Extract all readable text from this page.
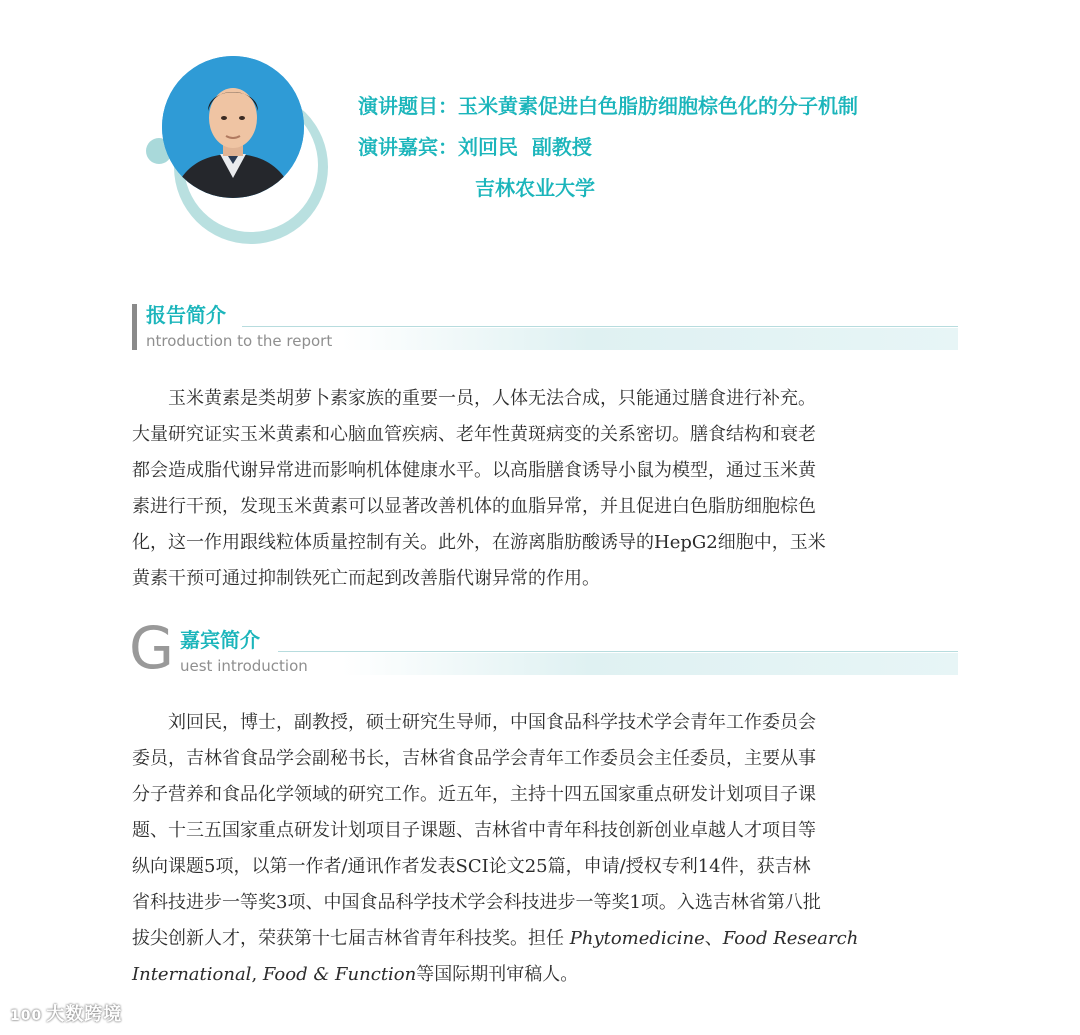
演讲题目：玉米黄素促进白色脂肪细胞棕色化的分子机制
演讲嘉宾：刘回民  副教授
吉林农业大学
报告简介
ntroduction to the report
　　玉米黄素是类胡萝卜素家族的重要一员，人体无法合成，只能通过膳食进行补充。
大量研究证实玉米黄素和心脑血管疾病、老年性黄斑病变的关系密切。膳食结构和衰老
都会造成脂代谢异常进而影响机体健康水平。以高脂膳食诱导小鼠为模型，通过玉米黄
素进行干预，发现玉米黄素可以显著改善机体的血脂异常，并且促进白色脂肪细胞棕色
化，这一作用跟线粒体质量控制有关。此外，在游离脂肪酸诱导的HepG2细胞中，玉米
黄素干预可通过抑制铁死亡而起到改善脂代谢异常的作用。
G 嘉宾简介
uest introduction
　　刘回民，博士，副教授，硕士研究生导师，中国食品科学技术学会青年工作委员会
委员，吉林省食品学会副秘书长，吉林省食品学会青年工作委员会主任委员，主要从事
分子营养和食品化学领域的研究工作。近五年，主持十四五国家重点研发计划项目子课
题、十三五国家重点研发计划项目子课题、吉林省中青年科技创新创业卓越人才项目等
纵向课题5项，以第一作者/通讯作者发表SCI论文25篇，申请/授权专利14件，获吉林
省科技进步一等奖3项、中国食品科学技术学会科技进步一等奖1项。入选吉林省第八批
拔尖创新人才，荣获第十七届吉林省青年科技奖。担任 Phytomedicine、Food Research
International, Food & Function等国际期刊审稿人。
100 大数跨境
